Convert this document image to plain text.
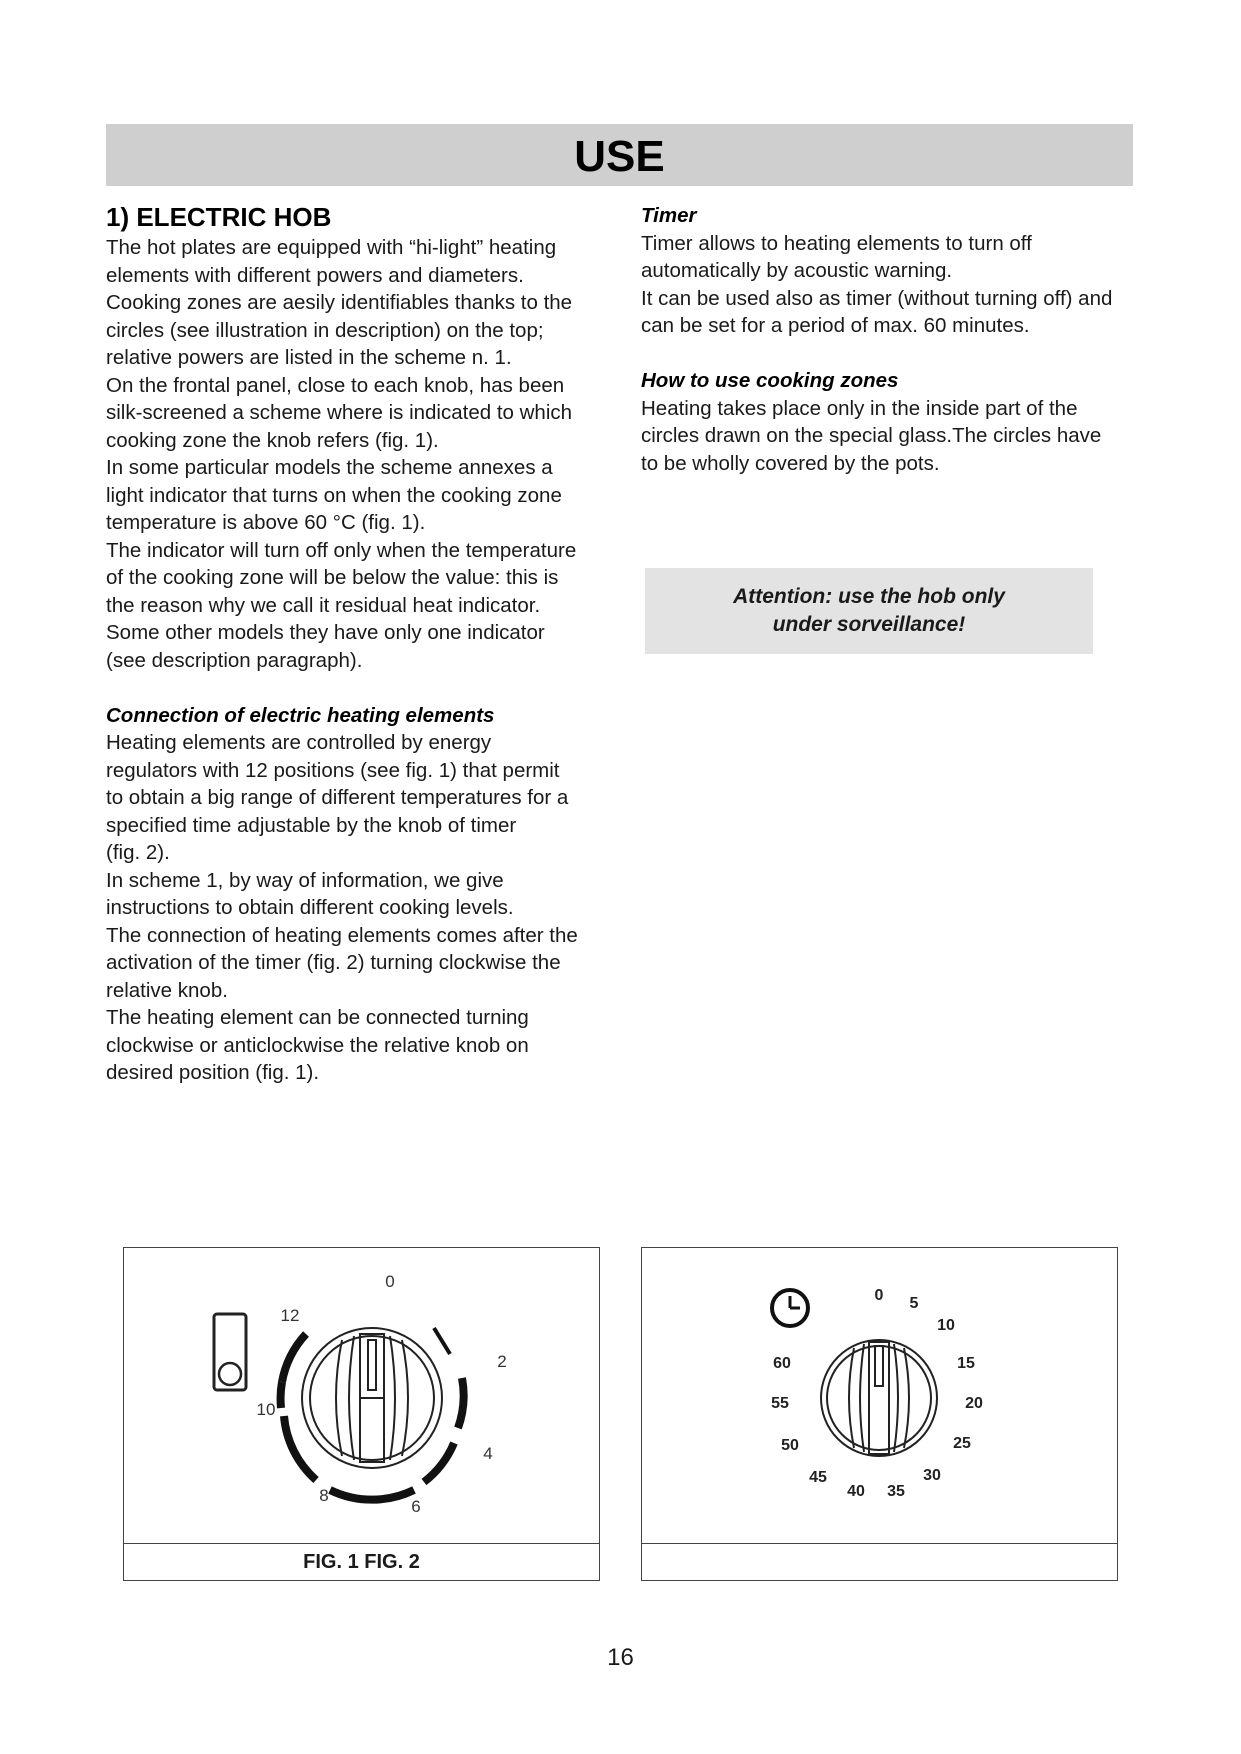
USE

1) ELECTRIC HOB

The hot plates are equipped with “hi-light” heating

elements with different powers and diameters.

Cooking zones are aesily identifiables thanks to the

circles (see illustration in description) on the top;

relative powers are listed in the scheme n. 1.

On the frontal panel, close to each knob, has been

silk-screened a scheme where is indicated to which

cooking zone the knob refers (fig. 1).

In some particular models the scheme annexes a

light indicator that turns on when the cooking zone

temperature is above 60 °C (fig. 1).

The indicator will turn off only when the temperature

of the cooking zone will be below the value: this is

the reason why we call it residual heat indicator.

Some other models they have only one indicator

(see description paragraph).

Connection of electric heating elements

Heating elements are controlled by energy

regulators with 12 positions (see fig. 1) that permit

to obtain a big range of different temperatures for a

specified time adjustable by the knob of timer

(fig. 2).

In scheme 1, by way of information, we give

instructions to obtain different cooking levels.

The connection of heating elements comes after the

activation of the timer (fig. 2) turning clockwise the

relative knob.

The heating element can be connected turning

clockwise or anticlockwise the relative knob on

desired position (fig. 1).

Timer

Timer allows to heating elements to turn off

automatically by acoustic warning.

It can be used also as timer (without turning off) and

can be set for a period of max. 60 minutes.

How to use cooking zones

Heating takes place only in the inside part of the

circles drawn on the special glass.The circles have

to be wholly covered by the pots.

Attention: use the hob only
under sorveillance!
0
2
4
6
8
10
12
FIG. 1 FIG. 2
0 5
10
15
20
25
30
35
40
45
50
55
60
16
